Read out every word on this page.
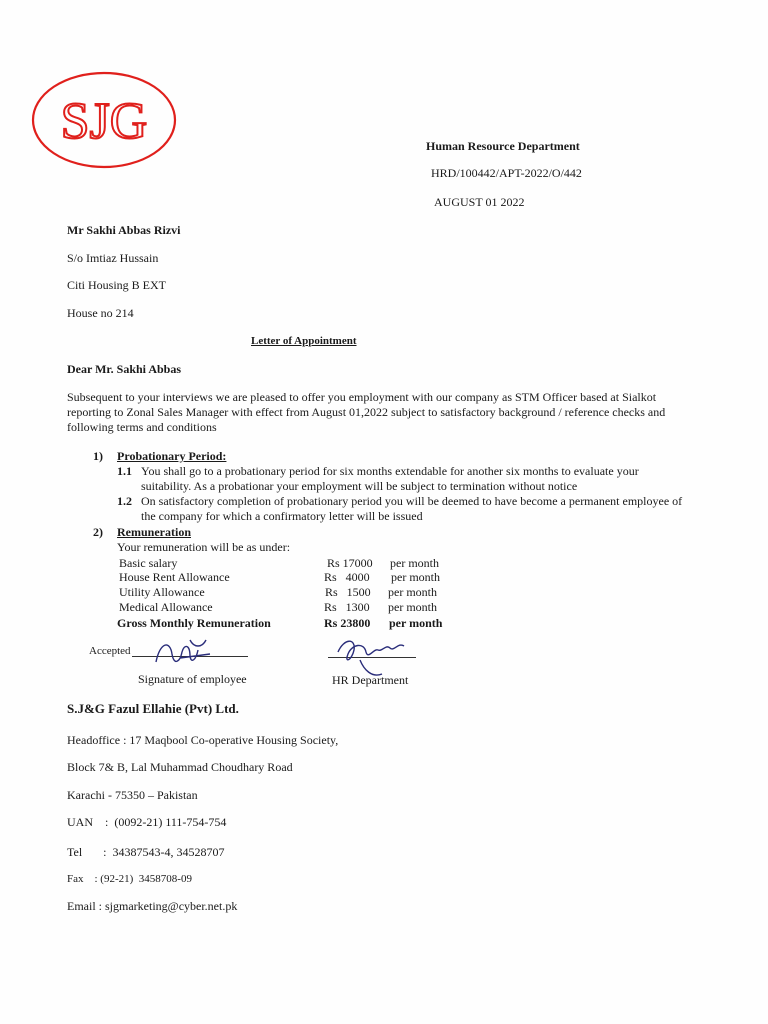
SJG	Human Resource Department
HRD/100442/APT-2022/O/442
AUGUST 01 2022
Mr Sakhi Abbas Rizvi
S/o Imtiaz Hussain
Citi Housing B EXT
House no 214
Letter of Appointment
Dear Mr. Sakhi Abbas
Subsequent to your interviews we are pleased to offer you employment with our company as STM Officer based at Sialkot
reporting to Zonal Sales Manager with effect from August 01,2022 subject to satisfactory background / reference checks and
following terms and conditions
1) Probationary Period:
1.1 You shall go to a probationary period for six months extendable for another six months to evaluate your
suitability. As a probationar your employment will be subject to termination without notice
1.2 On satisfactory completion of probationary period you will be deemed to have become a permanent employee of
the company for which a confirmatory letter will be issued
2) Remuneration
Your remuneration will be as under:
Basic salary	Rs 17000 per month
House Rent Allowance	Rs   4000 per month
Utility Allowance	Rs   1500 per month
Medical Allowance	Rs   1300 per month
Gross Monthly Remuneration	Rs 23800 per month
Accepted
Signature of employee	HR Department
S.J&G Fazul Ellahie (Pvt) Ltd.
Headoffice : 17 Maqbool Co-operative Housing Society,
Block 7& B, Lal Muhammad Choudhary Road
Karachi - 75350 – Pakistan
UAN    :  (0092-21) 111-754-754
Tel       :  34387543-4, 34528707
Fax    : (92-21)  3458708-09
Email : sjgmarketing@cyber.net.pk
